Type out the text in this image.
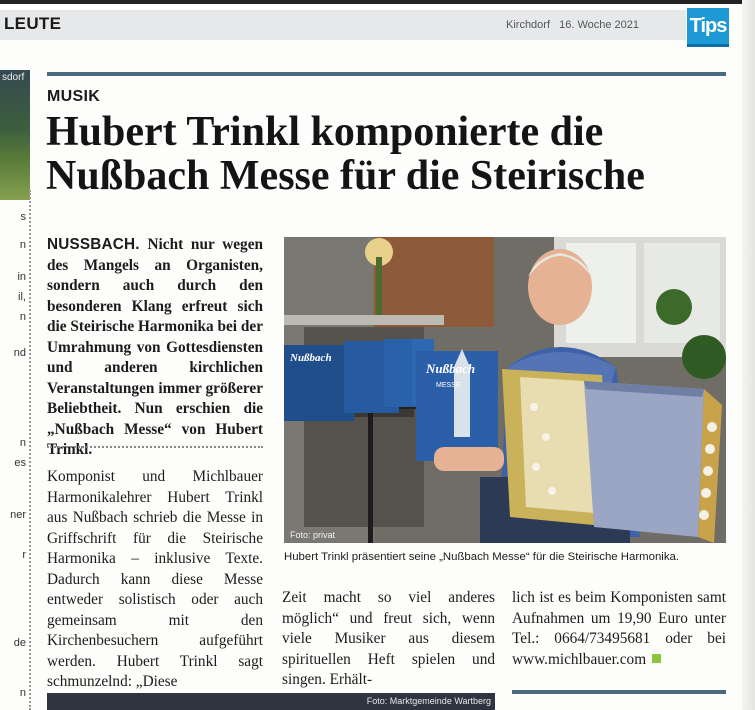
LEUTE	Kirchdorf 16. Woche 2021	Tips
sdorf
s
n
in
il,
n
nd
n
es
ner
r
de
n
MUSIK
Hubert Trinkl komponierte die Nußbach Messe für die Steirische
NUSSBACH. Nicht nur wegen des Mangels an Organisten, sondern auch durch den besonderen Klang erfreut sich die Steirische Harmonika bei der Umrahmung von Gottesdiensten und anderen kirchlichen Veranstaltungen immer größerer Beliebtheit. Nun erschien die „Nußbach Messe“ von Hubert Trinkl.
Komponist und Michlbauer Harmonikalehrer Hubert Trinkl aus Nußbach schrieb die Messe in Griffschrift für die Steirische Harmonika – inklusive Texte. Dadurch kann diese Messe entweder solistisch oder auch gemeinsam mit den Kirchenbesuchern aufgeführt werden. Hubert Trinkl sagt schmunzelnd: „Diese
Nußbach
MESSE
Nußbach
Foto: privat
Hubert Trinkl präsentiert seine „Nußbach Messe“ für die Steirische Harmonika.
Zeit macht so viel anderes möglich“ und freut sich, wenn viele Musiker aus diesem spirituellen Heft spielen und singen. Erhält-
lich ist es beim Komponisten samt Aufnahmen um 19,90 Euro unter Tel.: 0664/73495681 oder bei www.michlbauer.com
Foto: Marktgemeinde Wartberg
